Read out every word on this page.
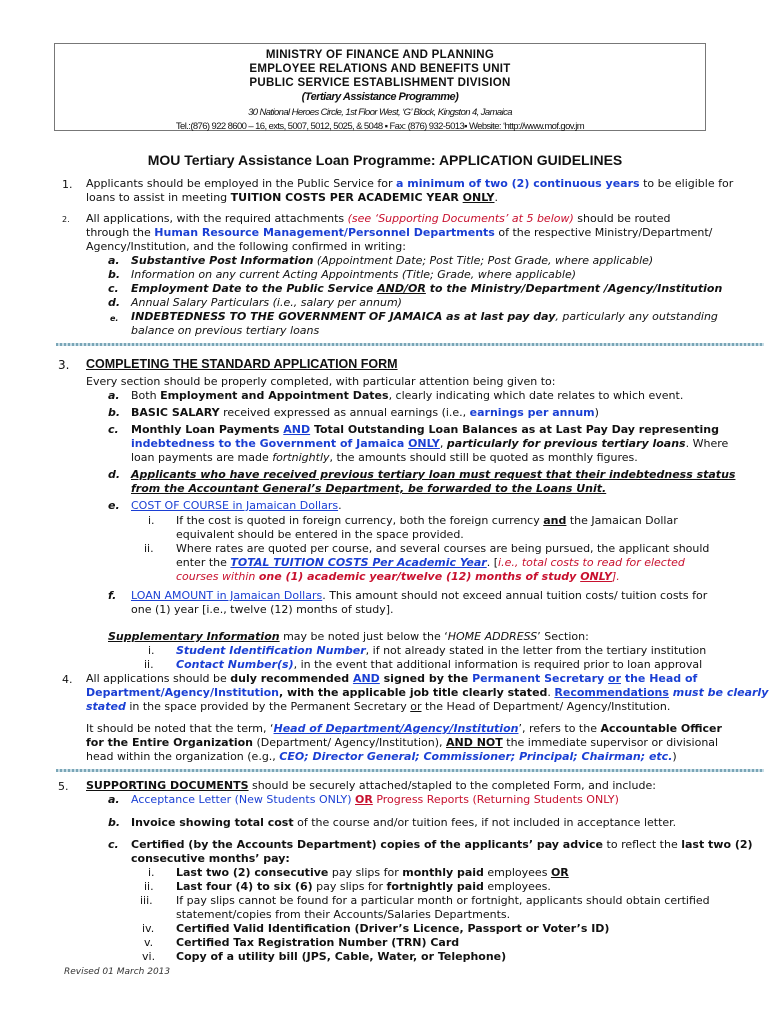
MINISTRY OF FINANCE AND PLANNING
EMPLOYEE RELATIONS AND BENEFITS UNIT
PUBLIC SERVICE ESTABLISHMENT DIVISION
(Tertiary Assistance Programme)
30 National Heroes Circle, 1st Floor West, ‘G’ Block, Kingston 4, Jamaica
Tel.:(876) 922 8600 – 16, exts, 5007, 5012, 5025, & 5048 ▪ Fax: (876) 932-5013▪ Website: ‘http://www.mof.gov.jm
MOU Tertiary Assistance Loan Programme: APPLICATION GUIDELINES
1. Applicants should be employed in the Public Service for a minimum of two (2) continuous years to be eligible for
loans to assist in meeting TUITION COSTS PER ACADEMIC YEAR ONLY.
2. All applications, with the required attachments (see ‘Supporting Documents’ at 5 below) should be routed
through the Human Resource Management/Personnel Departments of the respective Ministry/Department/
Agency/Institution, and the following confirmed in writing:
a. Substantive Post Information (Appointment Date; Post Title; Post Grade, where applicable)
b. Information on any current Acting Appointments (Title; Grade, where applicable)
c. Employment Date to the Public Service AND/OR to the Ministry/Department /Agency/Institution
d. Annual Salary Particulars (i.e., salary per annum)
e. INDEBTEDNESS TO THE GOVERNMENT OF JAMAICA as at last pay day, particularly any outstanding
balance on previous tertiary loans
3. COMPLETING THE STANDARD APPLICATION FORM
Every section should be properly completed, with particular attention being given to:
a. Both Employment and Appointment Dates, clearly indicating which date relates to which event.
b. BASIC SALARY received expressed as annual earnings (i.e., earnings per annum)
c. Monthly Loan Payments AND Total Outstanding Loan Balances as at Last Pay Day representing
indebtedness to the Government of Jamaica ONLY, particularly for previous tertiary loans. Where
loan payments are made fortnightly, the amounts should still be quoted as monthly figures.
d. Applicants who have received previous tertiary loan must request that their indebtedness status
from the Accountant General’s Department, be forwarded to the Loans Unit.
e. COST OF COURSE in Jamaican Dollars.
i. If the cost is quoted in foreign currency, both the foreign currency and the Jamaican Dollar
equivalent should be entered in the space provided.
ii. Where rates are quoted per course, and several courses are being pursued, the applicant should
enter the TOTAL TUITION COSTS Per Academic Year. [i.e., total costs to read for elected
courses within one (1) academic year/twelve (12) months of study ONLY].
f. LOAN AMOUNT in Jamaican Dollars. This amount should not exceed annual tuition costs/ tuition costs for
one (1) year [i.e., twelve (12) months of study].
Supplementary Information may be noted just below the ‘HOME ADDRESS’ Section:
i. Student Identification Number, if not already stated in the letter from the tertiary institution
ii. Contact Number(s), in the event that additional information is required prior to loan approval
4. All applications should be duly recommended AND signed by the Permanent Secretary or the Head of
Department/Agency/Institution, with the applicable job title clearly stated. Recommendations must be clearly
stated in the space provided by the Permanent Secretary or the Head of Department/ Agency/Institution.
It should be noted that the term, ‘Head of Department/Agency/Institution’, refers to the Accountable Officer
for the Entire Organization (Department/ Agency/Institution), AND NOT the immediate supervisor or divisional
head within the organization (e.g., CEO; Director General; Commissioner; Principal; Chairman; etc.)
5. SUPPORTING DOCUMENTS should be securely attached/stapled to the completed Form, and include:
a. Acceptance Letter (New Students ONLY) OR Progress Reports (Returning Students ONLY)
b. Invoice showing total cost of the course and/or tuition fees, if not included in acceptance letter.
c. Certified (by the Accounts Department) copies of the applicants’ pay advice to reflect the last two (2)
consecutive months’ pay:
i. Last two (2) consecutive pay slips for monthly paid employees OR
ii. Last four (4) to six (6) pay slips for fortnightly paid employees.
iii. If pay slips cannot be found for a particular month or fortnight, applicants should obtain certified
statement/copies from their Accounts/Salaries Departments.
iv. Certified Valid Identification (Driver’s Licence, Passport or Voter’s ID)
v. Certified Tax Registration Number (TRN) Card
vi. Copy of a utility bill (JPS, Cable, Water, or Telephone)
Revised 01 March 2013
